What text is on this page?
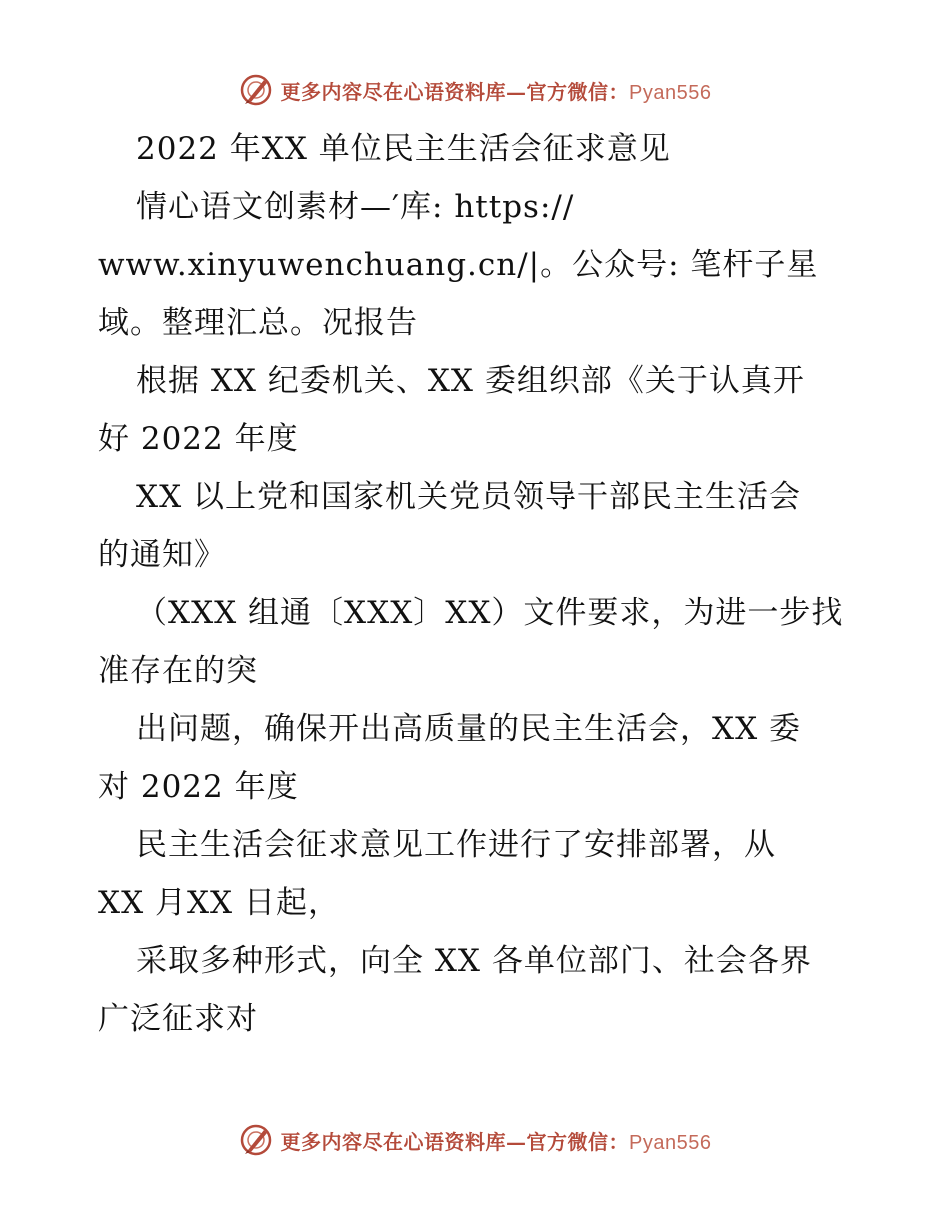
更多内容尽在心语资料库—官方微信：Pyan556
2022 年XX 单位民主生活会征求意见
情心语文创素材—′库: https://
www.xinyuwenchuang.cn/|。公众号: 笔杆子星
域。整理汇总。况报告
根据 XX 纪委机关、XX 委组织部《关于认真开
好 2022 年度
XX 以上党和国家机关党员领导干部民主生活会
的通知》
（XXX 组通〔XXX〕XX）文件要求，为进一步找
准存在的突
出问题，确保开出高质量的民主生活会，XX 委
对 2022 年度
民主生活会征求意见工作进行了安排部署，从
XX 月XX 日起，
采取多种形式，向全 XX 各单位部门、社会各界
广泛征求对
更多内容尽在心语资料库—官方微信：Pyan556
